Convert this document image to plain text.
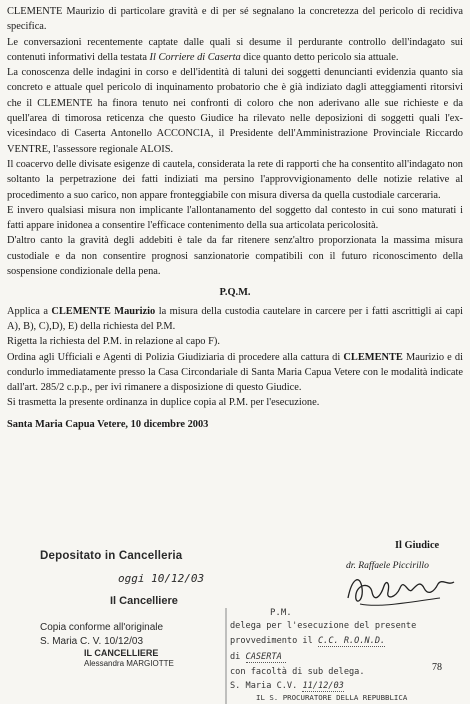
CLEMENTE Maurizio di particolare gravità e di per sé segnalano la concretezza del pericolo di recidiva specifica.

Le conversazioni recentemente captate dalle quali si desume il perdurante controllo dell'indagato sui contenuti informativi della testata Il Corriere di Caserta dice quanto detto pericolo sia attuale.

La conoscenza delle indagini in corso e dell'identità di taluni dei soggetti denuncianti evidenzia quanto sia concreto e attuale quel pericolo di inquinamento probatorio che è già indiziato dagli atteggiamenti ritorsivi che il CLEMENTE ha finora tenuto nei confronti di coloro che non aderivano alle sue richieste e da quell'area di timorosa reticenza che questo Giudice ha rilevato nelle deposizioni di soggetti quali l'ex-vicesindaco di Caserta Antonello ACCONCIA, il Presidente dell'Amministrazione Provinciale Riccardo VENTRE, l'assessore regionale ALOIS.

Il coacervo delle divisate esigenze di cautela, considerata la rete di rapporti che ha consentito all'indagato non soltanto la perpetrazione dei fatti indiziati ma persino l'approvvigionamento delle notizie relative al procedimento a suo carico, non appare fronteggiabile con misura diversa da quella custodiale carceraria.

E invero qualsiasi misura non implicante l'allontanamento del soggetto dal contesto in cui sono maturati i fatti appare inidonea a consentire l'efficace contenimento della sua articolata pericolosità.

D'altro canto la gravità degli addebiti è tale da far ritenere senz'altro proporzionata la massima misura custodiale e da non consentire prognosi sanzionatorie compatibili con il futuro riconoscimento della sospensione condizionale della pena.

P.Q.M.

Applica a CLEMENTE Maurizio la misura della custodia cautelare in carcere per i fatti ascrittigli ai capi A), B), C),D), E) della richiesta del P.M.

Rigetta la richiesta del P.M. in relazione al capo F).

Ordina agli Ufficiali e Agenti di Polizia Giudiziaria di procedere alla cattura di CLEMENTE Maurizio e di condurlo immediatamente presso la Casa Circondariale di Santa Maria Capua Vetere con le modalità indicate dall'art. 285/2 c.p.p., per ivi rimanere a disposizione di questo Giudice.

Si trasmetta la presente ordinanza in duplice copia al P.M. per l'esecuzione.

Santa Maria Capua Vetere, 10 dicembre 2003

Il Giudice
dr. Raffaele Piccirillo
Depositato in Cancelleria
oggi 10/12/03
Il Cancelliere
Copia conforme all'originale
S. Maria C. V. 10/12/03
IL CANCELLIERE
Alessandra MARGIOTTE
P.M.
delega per l'esecuzione del presente
provvedimento il C.C. R.O.N.D.
di CASERTA
con facoltà di sub delega.
S. Maria C.V. 11/12/03
IL S. PROCURATORE DELLA REPUBBLICA
78
